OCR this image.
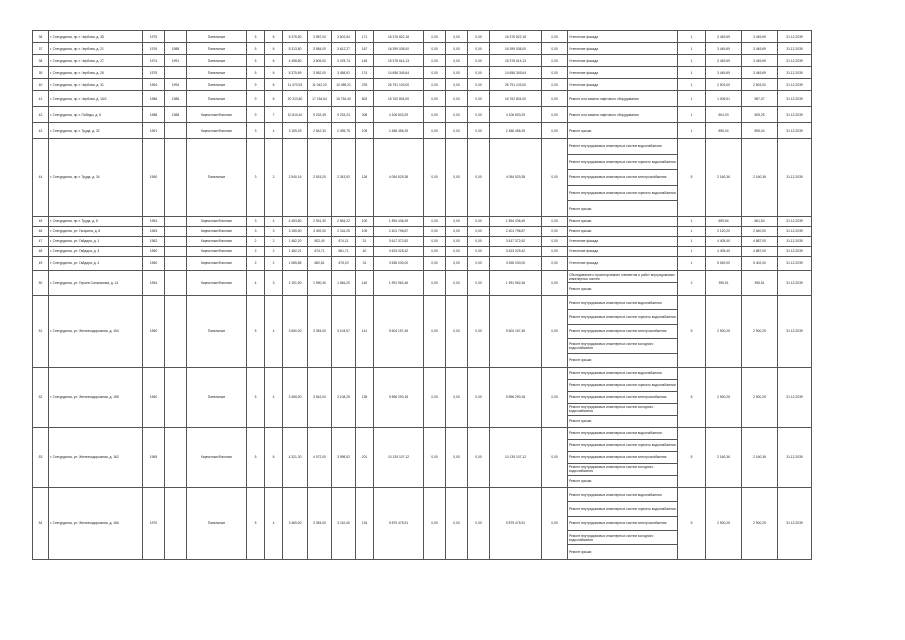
36	г. Снегурдинск, пр-т. Чербова, д. 35	1975		Панельные	5	6	5 376,50	3 987,00	3 602,84	171	16 376 822,18	0,00	0,00	0,00	16 376 822,18	0,00	Утепление фасада	1	3 449,69	3 449,69	31.12.2039
37	г. Снегурдинск, пр-т. Чербова, д. 21	1976	1988	Панельные	5	6	5 313,80	3 984,00	3 612,27	167	16 399 008,00	0,00	0,00	0,00	16 399 008,00	0,00	Утепление фасада	1	3 449,69	3 449,69	31.12.2039
38	г. Снегурдинск, пр-т. Чербова, д. 27	1974	1991	Панельные	5	6	4 498,80	3 605,00	3 478,74	145	15 378 614,13	0,00	0,00	0,00	15 378 614,13	0,00	Утепление фасада	1	3 449,69	3 449,69	31.12.2039
39	г. Снегурдинск, пр-т. Чербова, д. 26	1975		Панельные	5	6	5 375,69	3 962,00	3 458,92	174	14 656 345,64	0,00	0,00	0,00	14 656 345,64	0,00	Утепление фасада	1	3 449,69	3 449,69	31.12.2039
40	г. Снегурдинск, пр-т. Чербова, д. 31	1964	1994	Панельные	9	6	11 470,93	11 042,20	10 089,21	378	26 791 103,00	0,00	0,00	0,00	26 791 103,00	0,00	Утепление фасада	1	2 503,00	2 503,00	31.12.2039
41	г. Снегурдинск, пр-т. Чербова, д. 16/2	1986	1986	Панельные	9	6	20 313,80	17 154,64	16 754,40	602	16 762 804,00	0,00	0,00	0,00	16 762 804,00	0,00	Ремонт или замена лифтового оборудования	1	1 005,51	987,07	31.12.2039
42	г. Снегурдинск, пр-т. Победы, д. 6	1988	1988	Кирпичные/блочные	9	7	10 810,40	9 232,49	9 233,24	308	4 106 803,29	0,00	0,00	0,00	4 106 803,29	0,00	Ремонт или замена лифтового оборудования	1	504,03	505,25	31.12.2039
43	г. Снегурдинск, пр-т. Труда, д. 32	1961		Кирпичные/блочные	3	4	3 159,49	2 542,30	2 495,75	105	2 486 456,25	0,00	0,00	0,00	2 486 456,25	0,00	Ремонт крыши	1	895,04	895,04	31.12.2039
44	г. Снегурдинск, пр-т. Труда, д. 34	1960		Панельные	3	2	2 940,16	2 515,20	2 343,92	126	4 054 529,38	0,00	0,00	0,00	4 054 529,38	0,00	Ремонт внутридомовых инженерных систем водоснабжения
Ремонт внутридомовых инженерных систем горячего водоснабжения
Ремонт внутридомовых инженерных систем электроснабжения
Ремонт внутридомовых инженерных систем горячего водоснабжения
Ремонт крыши	5	2 160,36	2 160,36	31.12.2039
45	г. Снегурдинск, пр-т. Труда, д. 8	1954		Кирпичные/блочные	3	4	4 453,80	2 931,30	2 654,22	100	1 894 436,49	0,00	0,00	0,00	1 894 436,49	0,00	Ремонт крыши	1	699,54	661,54	31.12.2039
46	г. Снегурдинск, ул. Гагарина, д. 8	1963		Кирпичные/блочные	3	3	3 155,50	3 492,00	2 116,25	109	2 401 796,87	0,00	0,00	0,00	2 401 796,87	0,00	Ремонт крыши	1	2 120,20	2 640,00	31.12.2039
47	г. Снегурдинск, ул. Гайдара, д. 1	1962		Кирпичные/блочные	2	2	1 482,20	802,40	674,21	31	3 617 372,62	0,00	0,00	0,00	3 617 372,62	0,00	Утепление фасада	1	4 405,40	4 887,00	31.12.2039
48	г. Снегурдинск, ул. Гайдара, д. 3	1960		Кирпичные/блочные	2	2	1 482,21	674,71	681,71	40	3 623 025,42	0,00	0,00	0,00	3 623 025,42	0,00	Утепление фасада	1	4 405,40	4 887,00	31.12.2039
49	г. Снегурдинск, ул. Гайдара, д. 4	1960		Кирпичные/блочные	2	2	1 085,85	682,81	675,20	31	3 635 030,00	0,00	0,00	0,00	3 635 030,00	0,00	Утепление фасада	1	5 049,00	5 402,00	31.12.2039
50	г. Снегурдинск, ул. Героев Сальникова, д. 14	1954		Кирпичные/блочные	4	3	2 191,90	1 990,40	1 546,20	140	1 991 962,46	0,00	0,00	0,00	1 991 962,46	0,00	Обследование и проектирование элементов и работ внутридомовых инженерных систем
Ремонт крыши	2	395,51	395,51	31.12.2039
51	г. Снегурдинск, ул. Железнодорожная, д. 154	1960		Панельные	5	4	3 650,00	3 354,00	3 104,57	141	9 604 157,45	0,00	0,00	0,00	9 604 157,45	0,00	Ремонт внутридомовых инженерных систем водоснабжения
Ремонт внутридомовых инженерных систем горячего водоснабжения
Ремонт внутридомовых инженерных систем электроснабжения
Ремонт внутридомовых инженерных систем холодного водоснабжения
Ремонт крыши	5	2 900,25	2 900,25	31.12.2039
52	г. Снегурдинск, ул. Железнодорожная, д. 155	1960		Панельные	5	4	3 465,00	3 542,00	3 108,25	135	9 896 290,18	0,00	0,00	0,00	9 896 290,18	0,00	Ремонт внутридомовых инженерных систем водоснабжения
Ремонт внутридомовых инженерных систем горячего водоснабжения
Ремонт внутридомовых инженерных систем электроснабжения
Ремонт внутридомовых инженерных систем холодного водоснабжения
Ремонт крыши	5	2 900,25	2 900,25	31.12.2039
53	г. Снегурдинск, ул. Железнодорожная, д. 162	1965		Кирпичные/блочные	5	6	4 321,30	4 072,00	3 998,52	201	10 139 107,12	0,00	0,00	0,00	10 139 107,12	0,00	Ремонт внутридомовых инженерных систем водоснабжения
Ремонт внутридомовых инженерных систем горячего водоснабжения
Ремонт внутридомовых инженерных систем электроснабжения
Ремонт внутридомовых инженерных систем холодного водоснабжения
Ремонт крыши	5	2 160,36	2 160,36	31.12.2039
54	г. Снегурдинск, ул. Железнодорожная, д. 166	1970		Панельные	5	4	3 469,00	3 354,00	3 110,40	134	9 879 475,91	0,00	0,00	0,00	9 879 475,91	0,00	Ремонт внутридомовых инженерных систем водоснабжения
Ремонт внутридомовых инженерных систем горячего водоснабжения
Ремонт внутридомовых инженерных систем электроснабжения
Ремонт внутридомовых инженерных систем холодного водоснабжения
Ремонт крыши	5	2 900,25	2 900,25	31.12.2039
